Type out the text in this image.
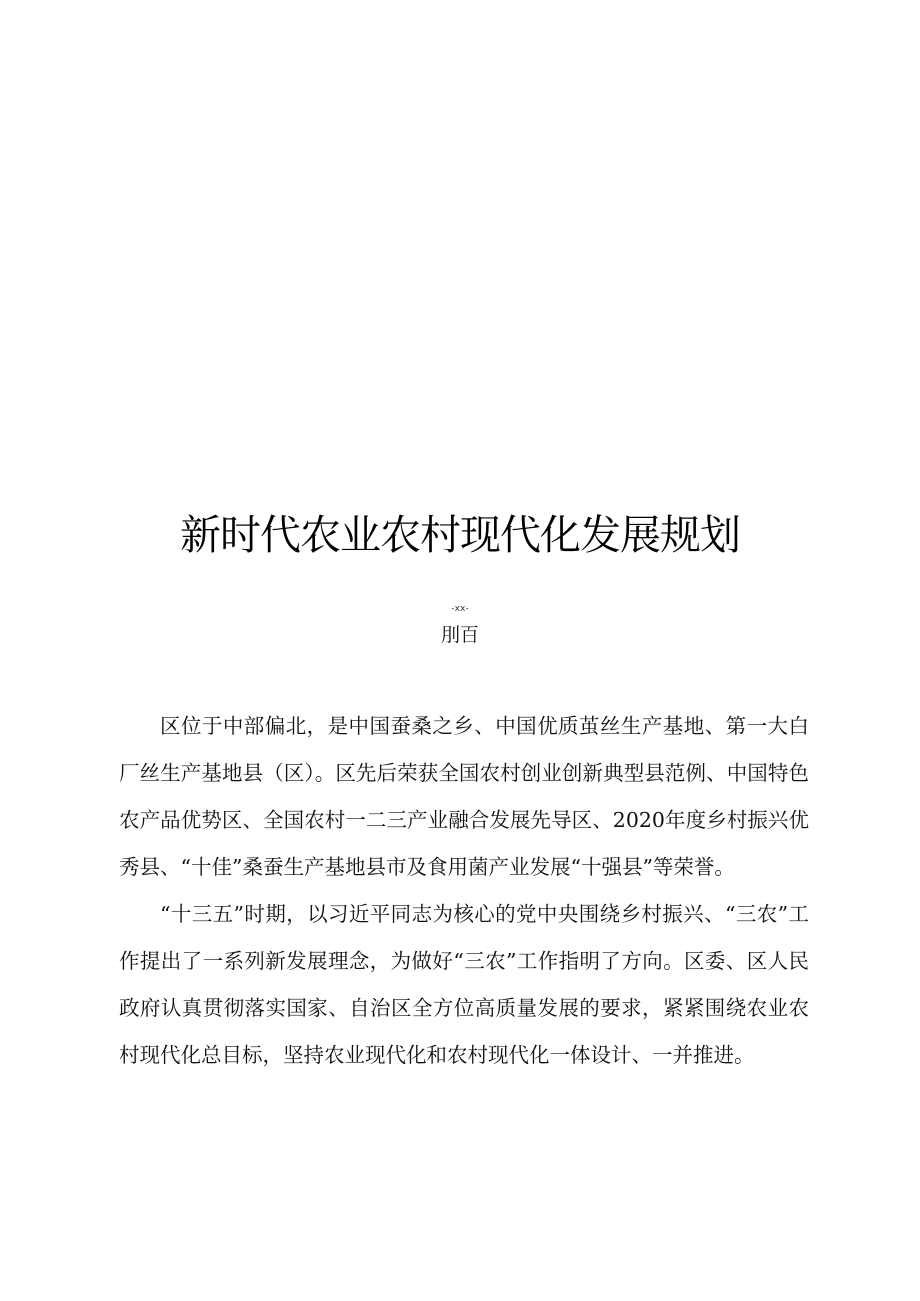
新时代农业农村现代化发展规划
-xx-
刖百

区位于中部偏北，是中国蚕桑之乡、中国优质茧丝生产基地、第一大白厂丝生产基地县（区）。区先后荣获全国农村创业创新典型县范例、中国特色农产品优势区、全国农村一二三产业融合发展先导区、2020年度乡村振兴优秀县、“十佳”桑蚕生产基地县市及食用菌产业发展“十强县”等荣誉。

“十三五”时期，以习近平同志为核心的党中央围绕乡村振兴、“三农”工作提出了一系列新发展理念，为做好“三农”工作指明了方向。区委、区人民政府认真贯彻落实国家、自治区全方位高质量发展的要求，紧紧围绕农业农村现代化总目标，坚持农业现代化和农村现代化一体设计、一并推进。
